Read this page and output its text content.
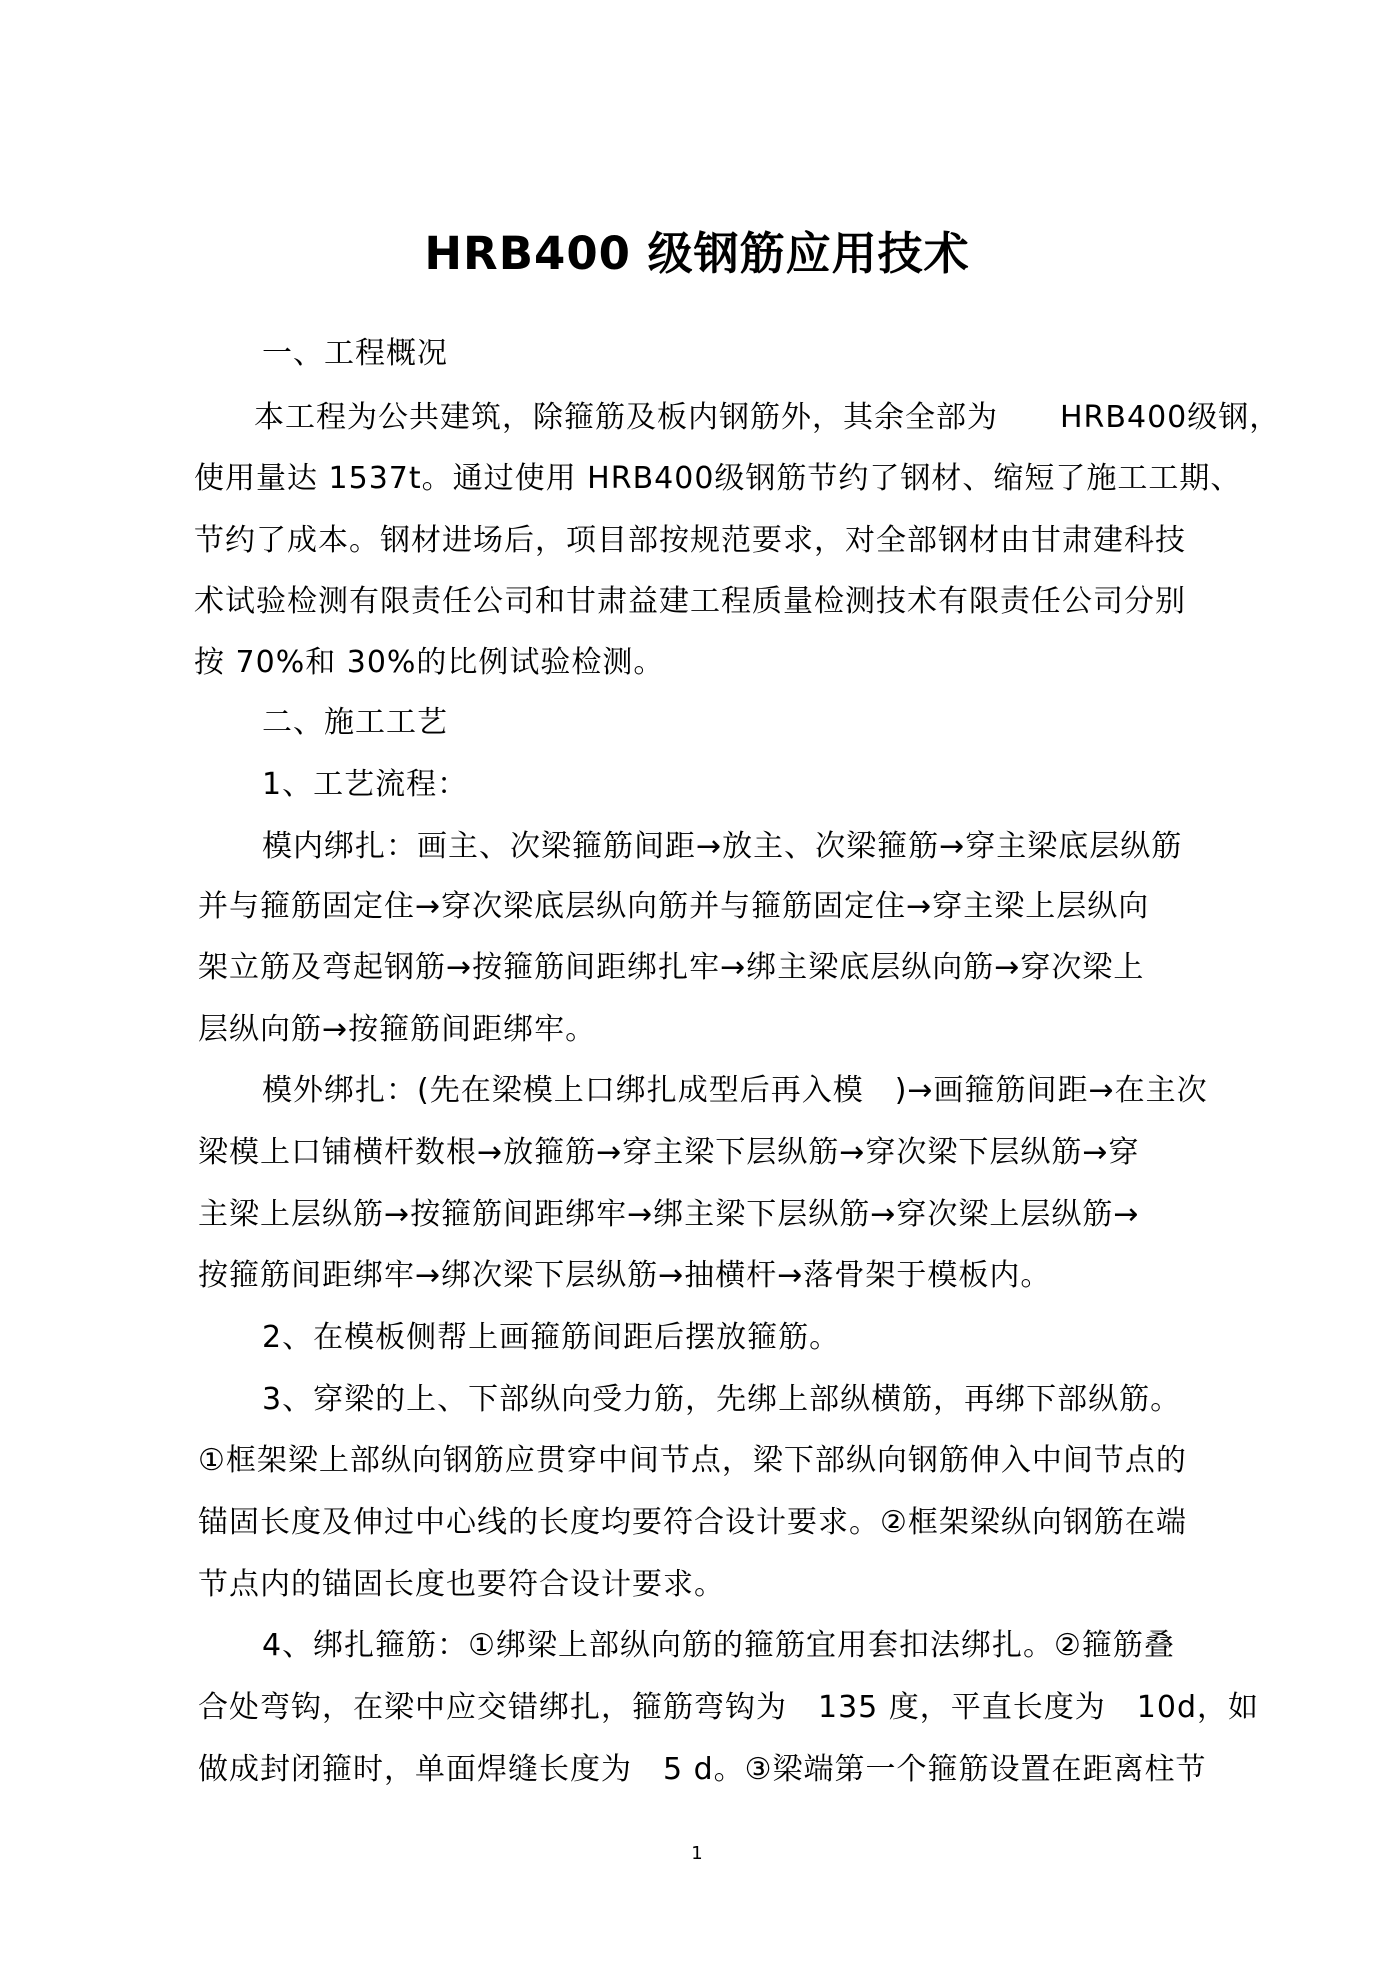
HRB400 级钢筋应用技术
一、工程概况
本工程为公共建筑，除箍筋及板内钢筋外，其余全部为　　HRB400级钢，
使用量达 1537t。通过使用 HRB400级钢筋节约了钢材、缩短了施工工期、
节约了成本。钢材进场后，项目部按规范要求，对全部钢材由甘肃建科技
术试验检测有限责任公司和甘肃益建工程质量检测技术有限责任公司分别
按 70%和 30%的比例试验检测。
二、施工工艺
1、工艺流程：
模内绑扎：画主、次梁箍筋间距→放主、次梁箍筋→穿主梁底层纵筋
并与箍筋固定住→穿次梁底层纵向筋并与箍筋固定住→穿主梁上层纵向
架立筋及弯起钢筋→按箍筋间距绑扎牢→绑主梁底层纵向筋→穿次梁上
层纵向筋→按箍筋间距绑牢。
模外绑扎：(先在梁模上口绑扎成型后再入模　)→画箍筋间距→在主次
梁模上口铺横杆数根→放箍筋→穿主梁下层纵筋→穿次梁下层纵筋→穿
主梁上层纵筋→按箍筋间距绑牢→绑主梁下层纵筋→穿次梁上层纵筋→
按箍筋间距绑牢→绑次梁下层纵筋→抽横杆→落骨架于模板内。
2、在模板侧帮上画箍筋间距后摆放箍筋。
3、穿梁的上、下部纵向受力筋，先绑上部纵横筋，再绑下部纵筋。
①框架梁上部纵向钢筋应贯穿中间节点，梁下部纵向钢筋伸入中间节点的
锚固长度及伸过中心线的长度均要符合设计要求。②框架梁纵向钢筋在端
节点内的锚固长度也要符合设计要求。
4、绑扎箍筋：①绑梁上部纵向筋的箍筋宜用套扣法绑扎。②箍筋叠
合处弯钩，在梁中应交错绑扎，箍筋弯钩为　135 度，平直长度为　10d，如
做成封闭箍时，单面焊缝长度为　5 d。③梁端第一个箍筋设置在距离柱节
1
